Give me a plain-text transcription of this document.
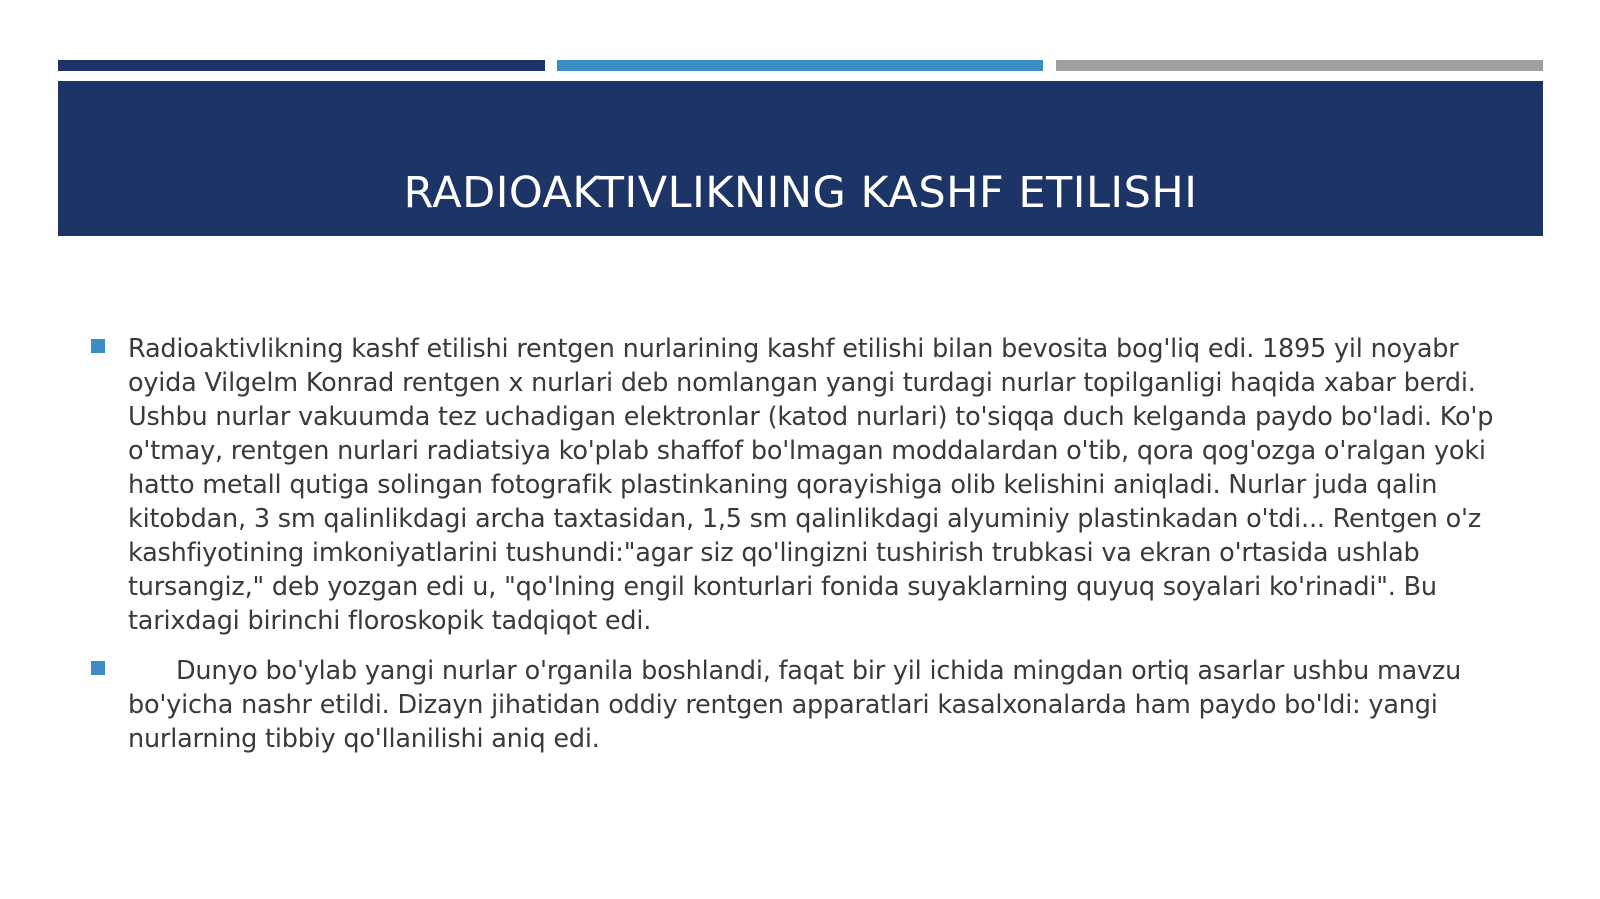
RADIOAKTIVLIKNING KASHF ETILISHI

Radioaktivlikning kashf etilishi rentgen nurlarining kashf etilishi bilan bevosita bog'liq edi. 1895 yil noyabr oyida Vilgelm Konrad rentgen x nurlari deb nomlangan yangi turdagi nurlar topilganligi haqida xabar berdi. Ushbu nurlar vakuumda tez uchadigan elektronlar (katod nurlari) to'siqqa duch kelganda paydo bo'ladi. Ko'p o'tmay, rentgen nurlari radiatsiya ko'plab shaffof bo'lmagan moddalardan o'tib, qora qog'ozga o'ralgan yoki hatto metall qutiga solingan fotografik plastinkaning qorayishiga olib kelishini aniqladi. Nurlar juda qalin kitobdan, 3 sm qalinlikdagi archa taxtasidan, 1,5 sm qalinlikdagi alyuminiy plastinkadan o'tdi... Rentgen o'z kashfiyotining imkoniyatlarini tushundi:"agar siz qo'lingizni tushirish trubkasi va ekran o'rtasida ushlab tursangiz," deb yozgan edi u, "qo'lning engil konturlari fonida suyaklarning quyuq soyalari ko'rinadi". Bu tarixdagi birinchi floroskopik tadqiqot edi.

Dunyo bo'ylab yangi nurlar o'rganila boshlandi, faqat bir yil ichida mingdan ortiq asarlar ushbu mavzu bo'yicha nashr etildi. Dizayn jihatidan oddiy rentgen apparatlari kasalxonalarda ham paydo bo'ldi: yangi nurlarning tibbiy qo'llanilishi aniq edi.
